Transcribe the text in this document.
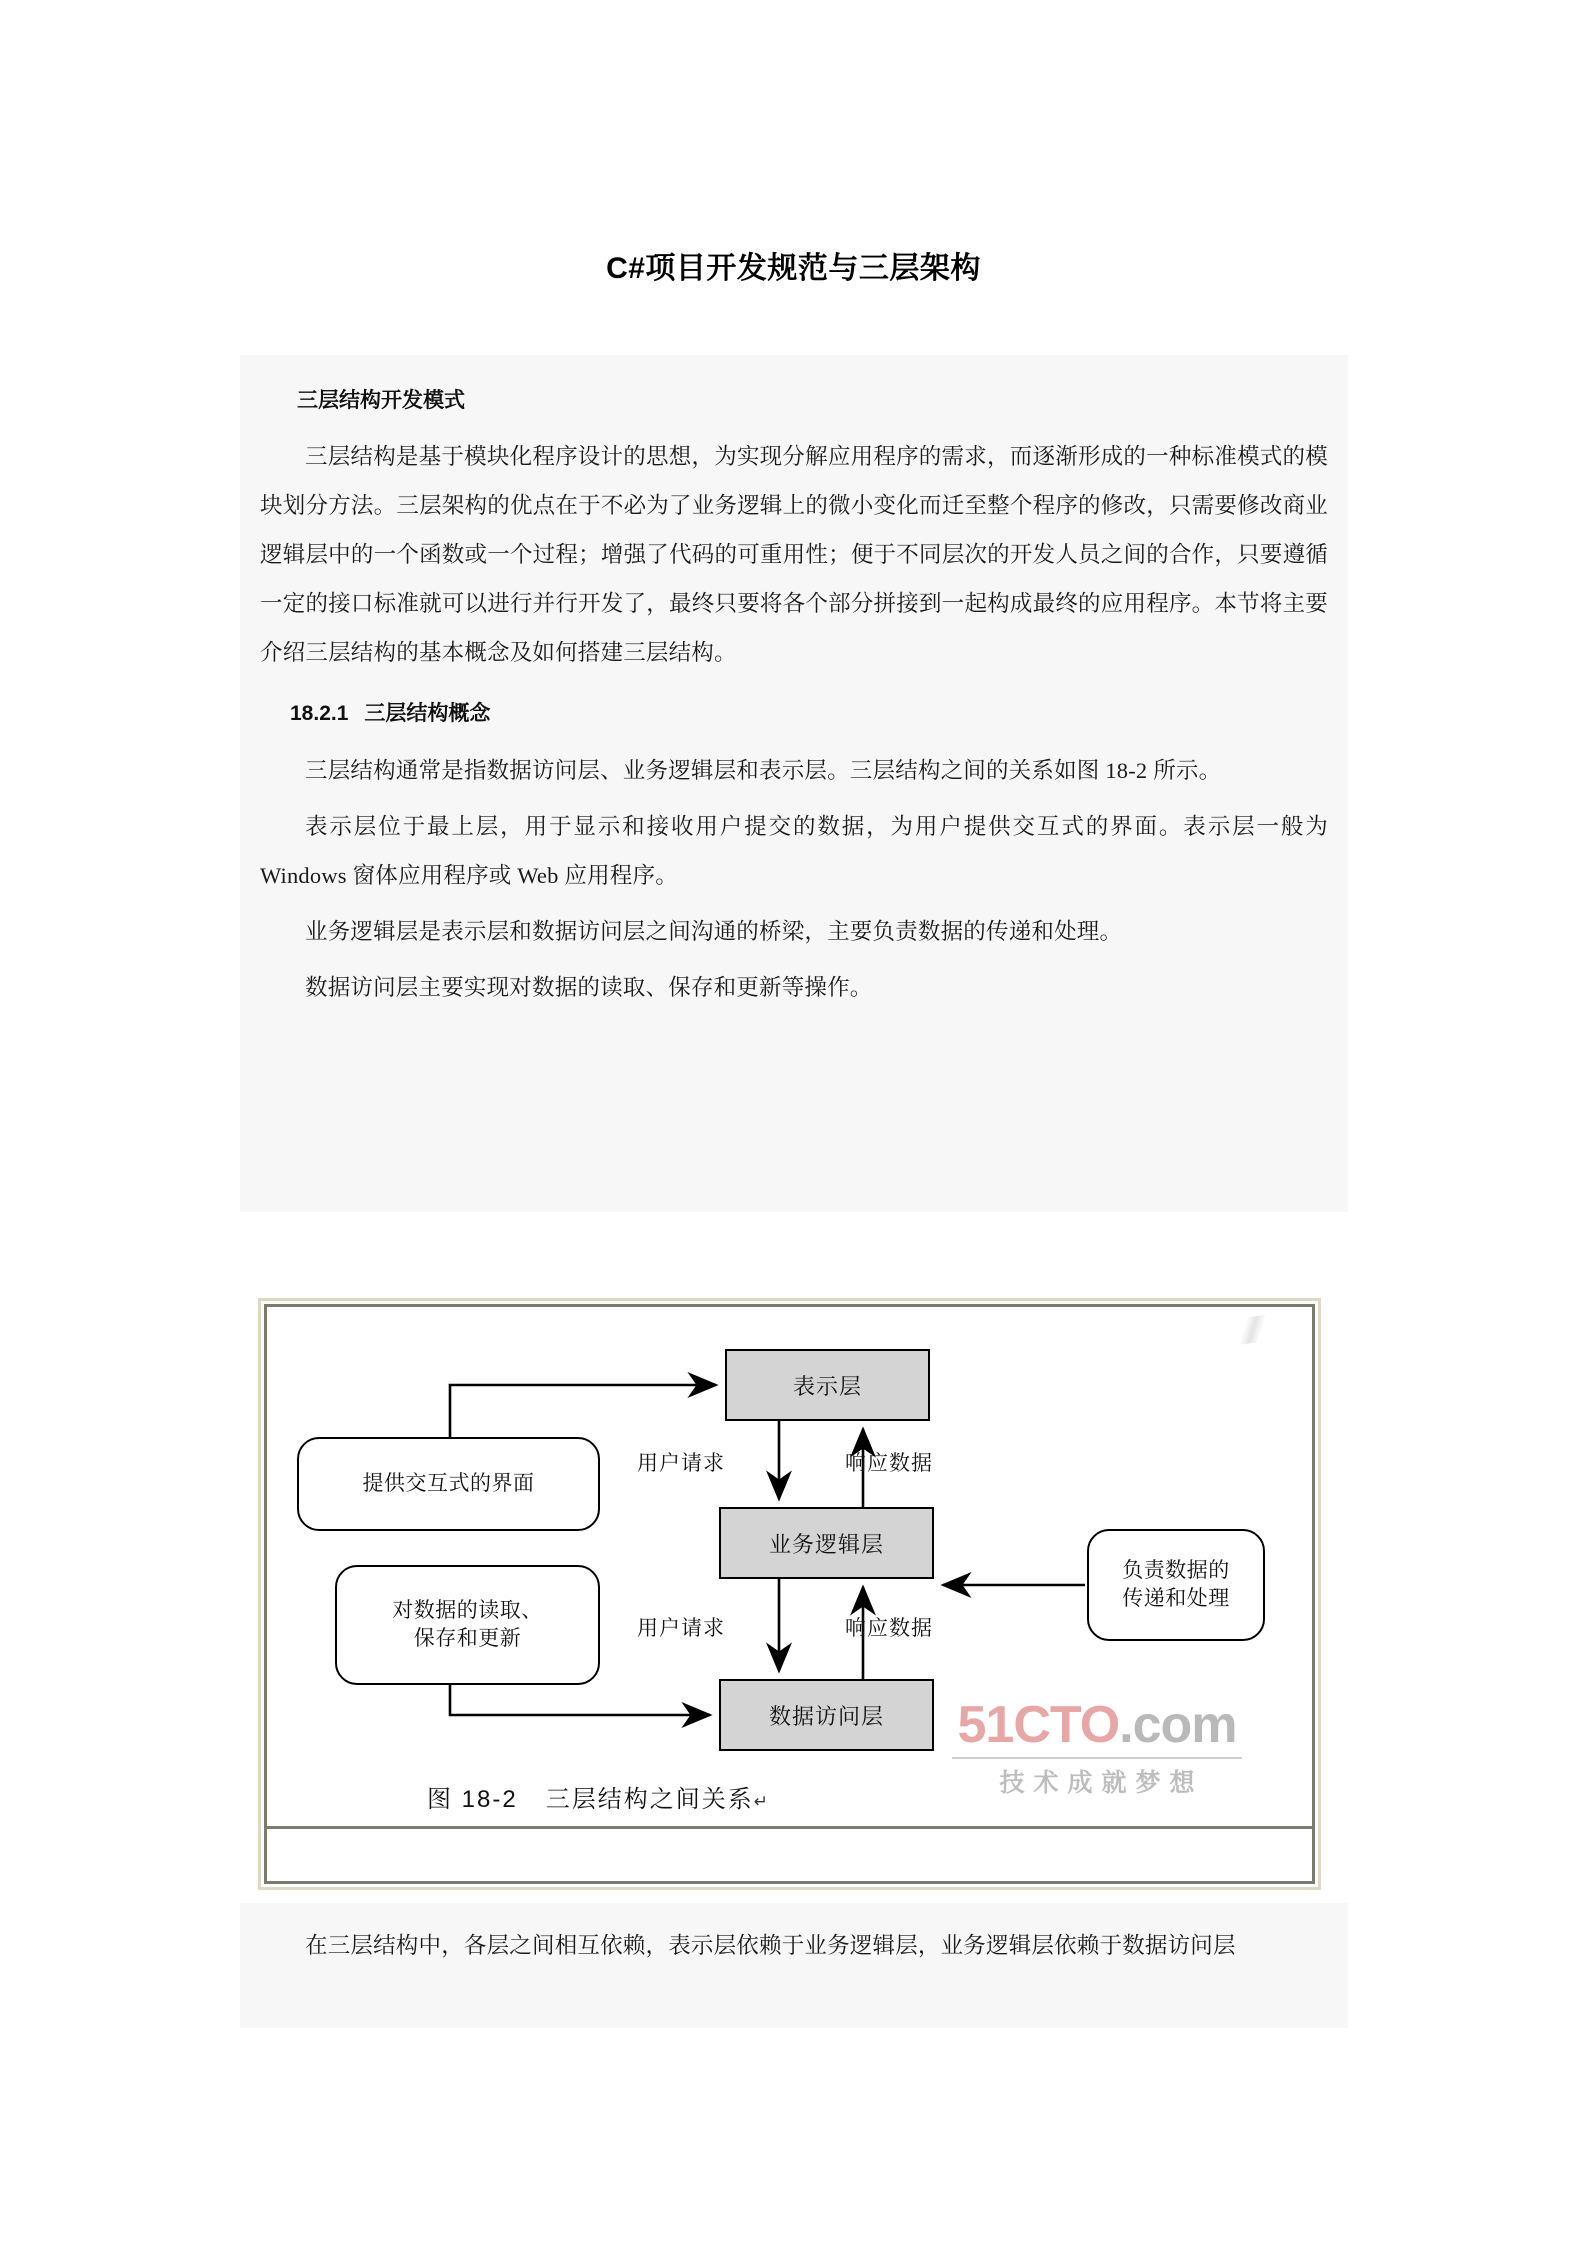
C#项目开发规范与三层架构
三层结构开发模式

三层结构是基于模块化程序设计的思想，为实现分解应用程序的需求，而逐渐形成的一种标准模式的模块划分方法。三层架构的优点在于不必为了业务逻辑上的微小变化而迁至整个程序的修改，只需要修改商业逻辑层中的一个函数或一个过程；增强了代码的可重用性；便于不同层次的开发人员之间的合作，只要遵循一定的接口标准就可以进行并行开发了，最终只要将各个部分拼接到一起构成最终的应用程序。本节将主要介绍三层结构的基本概念及如何搭建三层结构。

18.2.1 三层结构概念

三层结构通常是指数据访问层、业务逻辑层和表示层。三层结构之间的关系如图 18-2 所示。

表示层位于最上层，用于显示和接收用户提交的数据，为用户提供交互式的界面。表示层一般为 Windows 窗体应用程序或 Web 应用程序。

业务逻辑层是表示层和数据访问层之间沟通的桥梁，主要负责数据的传递和处理。

数据访问层主要实现对数据的读取、保存和更新等操作。

表示层
业务逻辑层
数据访问层
提供交互式的界面
对数据的读取、
保存和更新
负责数据的
传递和处理
用户请求	响应数据
用户请求	响应数据
51CTO.com
技术成就梦想
图 18-2 三层结构之间关系↵

在三层结构中，各层之间相互依赖，表示层依赖于业务逻辑层，业务逻辑层依赖于数据访问层
